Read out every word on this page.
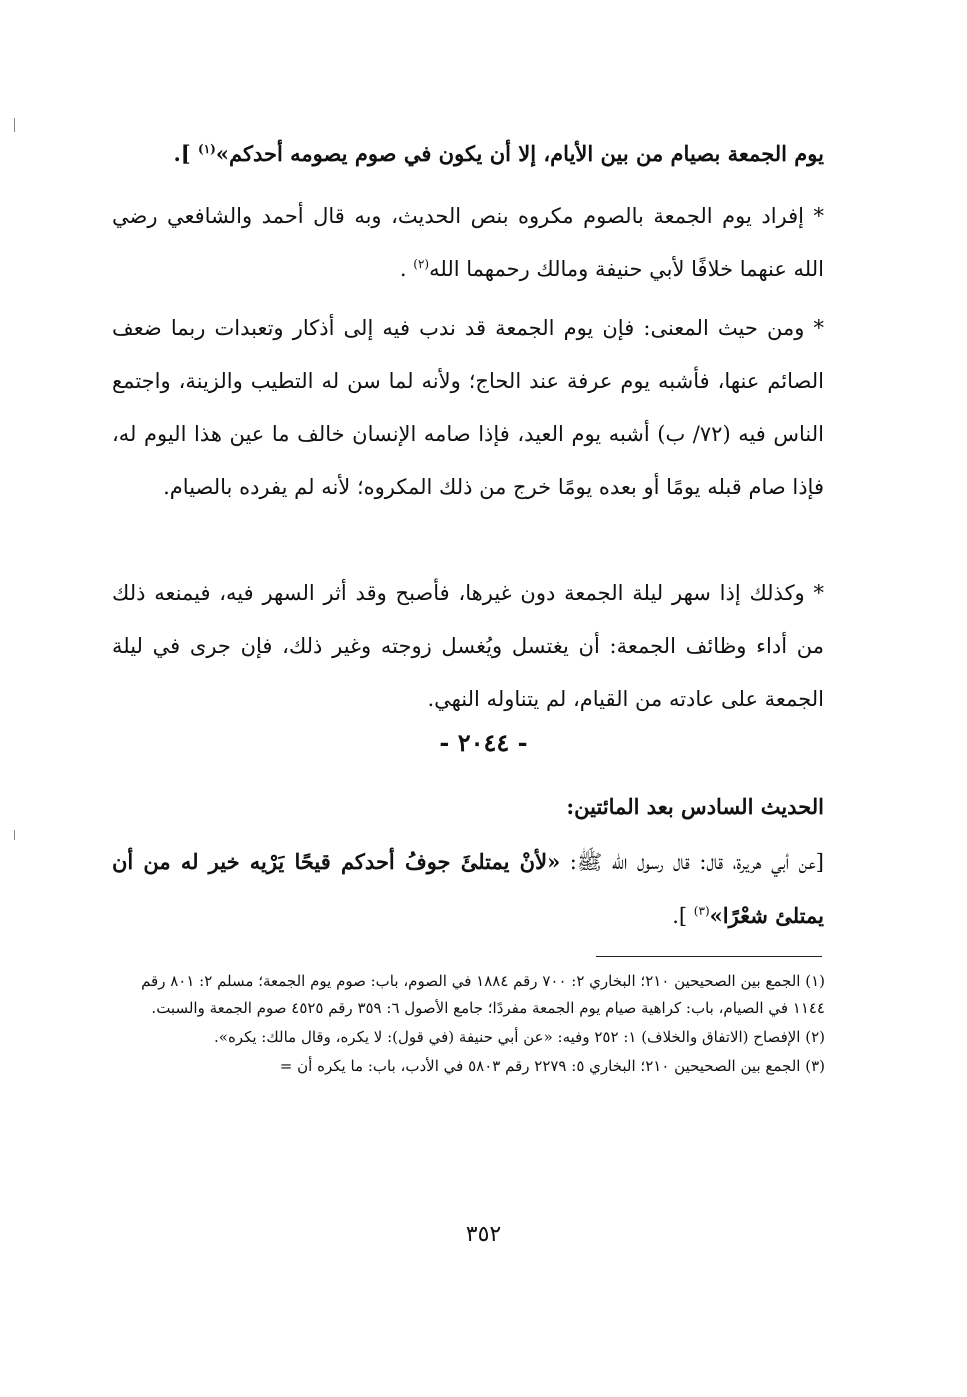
يوم الجمعة بصيام من بين الأيام، إلا أن يكون في صوم يصومه أحدكم»$^{(١)}$ ].
* إفراد يوم الجمعة بالصوم مكروه بنص الحديث، وبه قال أحمد والشافعي رضي الله عنهما خلافًا لأبي حنيفة ومالك رحمهما الله$^{(٢)}$ .
* ومن حيث المعنى: فإن يوم الجمعة قد ندب فيه إلى أذكار وتعبدات ربما ضعف الصائم عنها، فأشبه يوم عرفة عند الحاج؛ ولأنه لما سن له التطيب والزينة، واجتمع الناس فيه (٧٢/ ب) أشبه يوم العيد، فإذا صامه الإنسان خالف ما عين هذا اليوم له، فإذا صام قبله يومًا أو بعده يومًا خرج من ذلك المكروه؛ لأنه لم يفرده بالصيام.
* وكذلك إذا سهر ليلة الجمعة دون غيرها، فأصبح وقد أثر السهر فيه، فيمنعه ذلك من أداء وظائف الجمعة: أن يغتسل ويُغسل زوجته وغير ذلك، فإن جرى في ليلة الجمعة على عادته من القيام، لم يتناوله النهي.
- ٢٠٤٤ -
الحديث السادس بعد المائتين:
[عن أبي هريرة، قال: قال رسول الله ﷺ: «لأنْ يمتلئَ جوفُ أحدكم قيحًا يَرْيه خير له من أن يمتلئ شعْرًا»$^{(٣)}$ ].

(١) الجمع بين الصحيحين ٢١٠؛ البخاري ٢: ٧٠٠ رقم ١٨٨٤ في الصوم، باب: صوم يوم الجمعة؛ مسلم ٢: ٨٠١ رقم ١١٤٤ في الصيام، باب: كراهية صيام يوم الجمعة مفردًا؛ جامع الأصول ٦: ٣٥٩ رقم ٤٥٢٥ صوم الجمعة والسبت.

(٢) الإفصاح (الاتفاق والخلاف) ١: ٢٥٢ وفيه: «عن أبي حنيفة (في قول): لا يكره، وقال مالك: يكره».

(٣) الجمع بين الصحيحين ٢١٠؛ البخاري ٥: ٢٢٧٩ رقم ٥٨٠٣ في الأدب، باب: ما يكره أن =

٣٥٢
